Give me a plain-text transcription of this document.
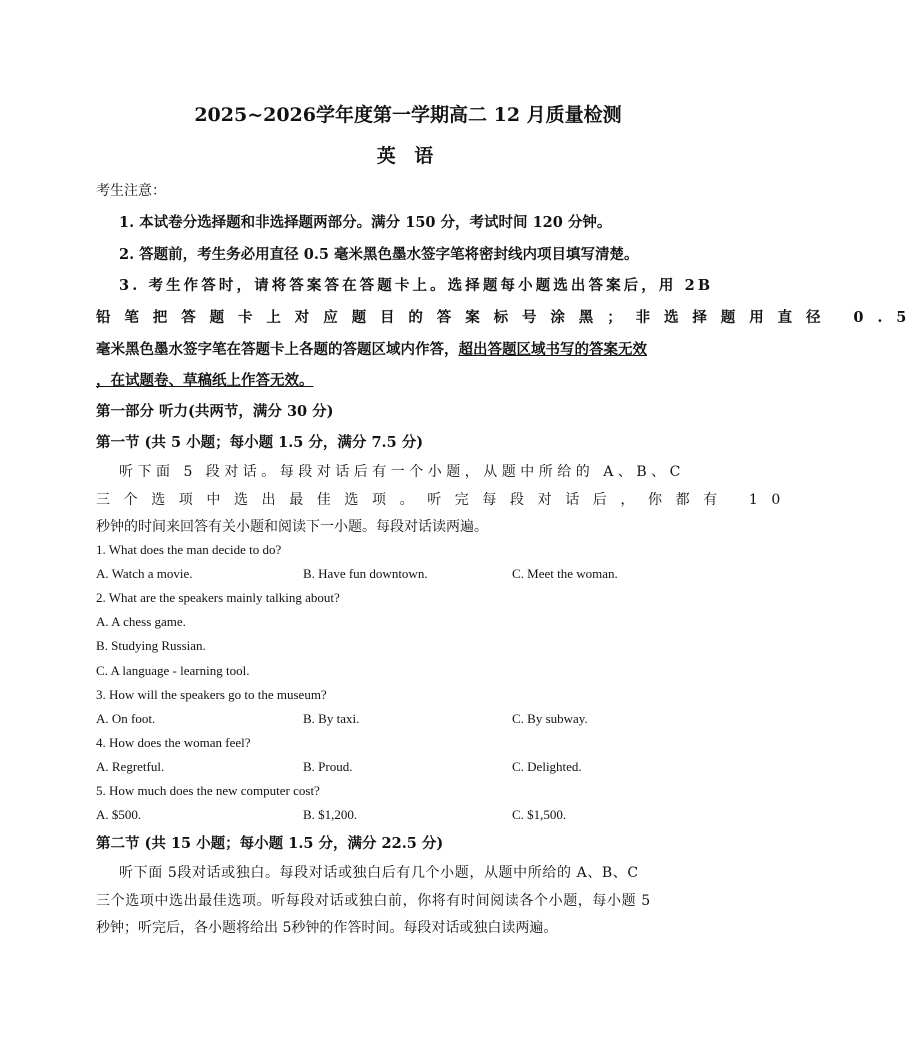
2025~2026学年度第一学期高二 12 月质量检测
英 语
考生注意：
1. 本试卷分选择题和非选择题两部分。满分 150 分，考试时间 120 分钟。
2. 答题前，考生务必用直径 0.5 毫米黑色墨水签字笔将密封线内项目填写清楚。
3. 考生作答时，请将答案答在答题卡上。选择题每小题选出答案后，用 2B
铅笔把答题卡上对应题目的答案标号涂黑；非选择题用直径 0.5
毫米黑色墨水签字笔在答题卡上各题的答题区域内作答，超出答题区域书写的答案无效
，在试题卷、草稿纸上作答无效。
第一部分 听力(共两节，满分 30 分)
第一节 (共 5 小题；每小题 1.5 分，满分 7.5 分)
听下面 5 段对话。每段对话后有一个小题，从题中所给的 A、B、C
三个选项中选出最佳选项。听完每段对话后，你都有 10
秒钟的时间来回答有关小题和阅读下一小题。每段对话读两遍。
1. What does the man decide to do?
A. Watch a movie.	B. Have fun downtown.	C. Meet the woman.
2. What are the speakers mainly talking about?
A. A chess game.
B. Studying Russian.
C. A language - learning tool.
3. How will the speakers go to the museum?
A. On foot.	B. By taxi.	C. By subway.
4. How does the woman feel?
A. Regretful.	B. Proud.	C. Delighted.
5. How much does the new computer cost?
A. $500.	B. $1,200.	C. $1,500.
第二节 (共 15 小题；每小题 1.5 分，满分 22.5 分)
听下面 5段对话或独白。每段对话或独白后有几个小题，从题中所给的 A、B、C
三个选项中选出最佳选项。听每段对话或独白前，你将有时间阅读各个小题，每小题 5
秒钟；听完后，各小题将给出 5秒钟的作答时间。每段对话或独白读两遍。
